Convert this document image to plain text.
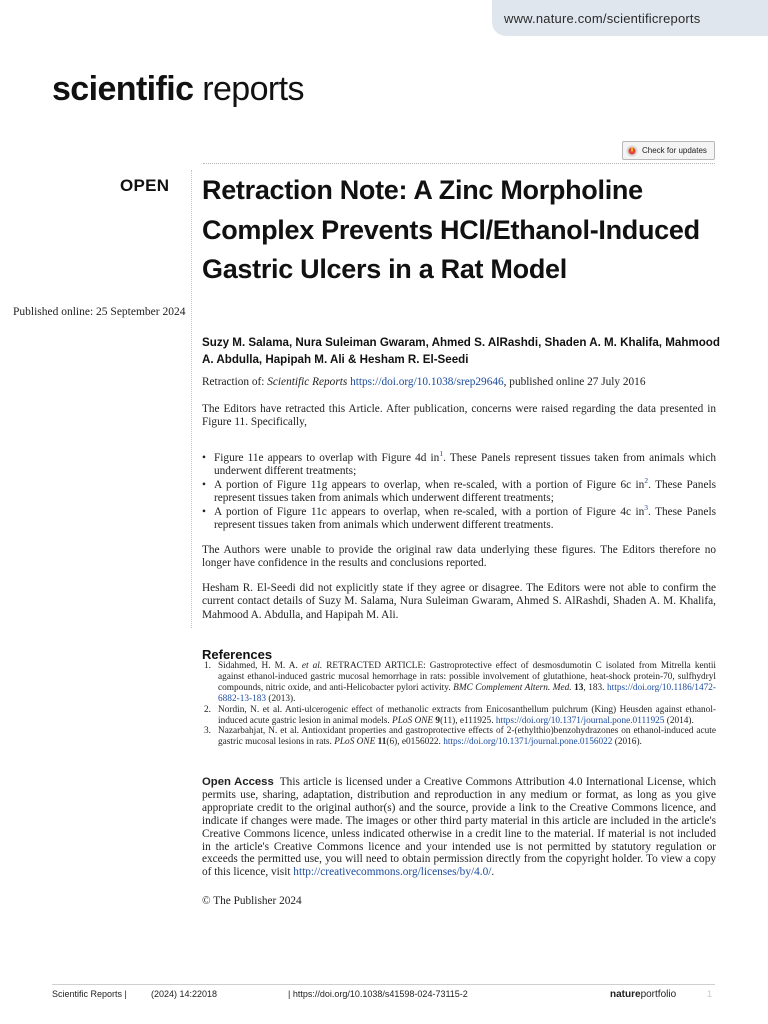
www.nature.com/scientificreports
scientific reports
Check for updates
OPEN
Published online: 25 September 2024
Retraction Note: A Zinc Morpholine Complex Prevents HCl/Ethanol-Induced Gastric Ulcers in a Rat Model
Suzy M. Salama, Nura Suleiman Gwaram, Ahmed S. AlRashdi, Shaden A. M. Khalifa, Mahmood A. Abdulla, Hapipah M. Ali & Hesham R. El-Seedi

Retraction of: Scientific Reports https://doi.org/10.1038/srep29646, published online 27 July 2016

The Editors have retracted this Article. After publication, concerns were raised regarding the data presented in Figure 11. Specifically,

• Figure 11e appears to overlap with Figure 4d $in^1$. These Panels represent tissues taken from animals which underwent different treatments;
• A portion of Figure 11g appears to overlap, when re-scaled, with a portion of Figure 6c $in^2$. These Panels represent tissues taken from animals which underwent different treatments;
• A portion of Figure 11c appears to overlap, when re-scaled, with a portion of Figure 4c $in^3$. These Panels represent tissues taken from animals which underwent different treatments.

The Authors were unable to provide the original raw data underlying these figures. The Editors therefore no longer have confidence in the results and conclusions reported.

Hesham R. El-Seedi did not explicitly state if they agree or disagree. The Editors were not able to confirm the current contact details of Suzy M. Salama, Nura Suleiman Gwaram, Ahmed S. AlRashdi, Shaden A. M. Khalifa, Mahmood A. Abdulla, and Hapipah M. Ali.

References
1. Sidahmed, H. M. A. et al. RETRACTED ARTICLE: Gastroprotective effect of desmosdumotin C isolated from Mitrella kentii against ethanol-induced gastric mucosal hemorrhage in rats: possible involvement of glutathione, heat-shock protein-70, sulfhydryl compounds, nitric oxide, and anti-Helicobacter pylori activity. BMC Complement Altern. Med. 13, 183. https://doi.org/10.1186/1472-6882-13-183 (2013).
2. Nordin, N. et al. Anti-ulcerogenic effect of methanolic extracts from Enicosanthellum pulchrum (King) Heusden against ethanol-induced acute gastric lesion in animal models. PLoS ONE 9(11), e111925. https://doi.org/10.1371/journal.pone.0111925 (2014).
3. Nazarbahjat, N. et al. Antioxidant properties and gastroprotective effects of 2-(ethylthio)benzohydrazones on ethanol-induced acute gastric mucosal lesions in rats. PLoS ONE 11(6), e0156022. https://doi.org/10.1371/journal.pone.0156022 (2016).

Open Access This article is licensed under a Creative Commons Attribution 4.0 International License, which permits use, sharing, adaptation, distribution and reproduction in any medium or format, as long as you give appropriate credit to the original author(s) and the source, provide a link to the Creative Commons licence, and indicate if changes were made. The images or other third party material in this article are included in the article's Creative Commons licence, unless indicated otherwise in a credit line to the material. If material is not included in the article's Creative Commons licence and your intended use is not permitted by statutory regulation or exceeds the permitted use, you will need to obtain permission directly from the copyright holder. To view a copy of this licence, visit http://creativecommons.org/licenses/by/4.0/.

© The Publisher 2024

Scientific Reports |	(2024) 14:22018	| https://doi.org/10.1038/s41598-024-73115-2	natureportfolio	1
